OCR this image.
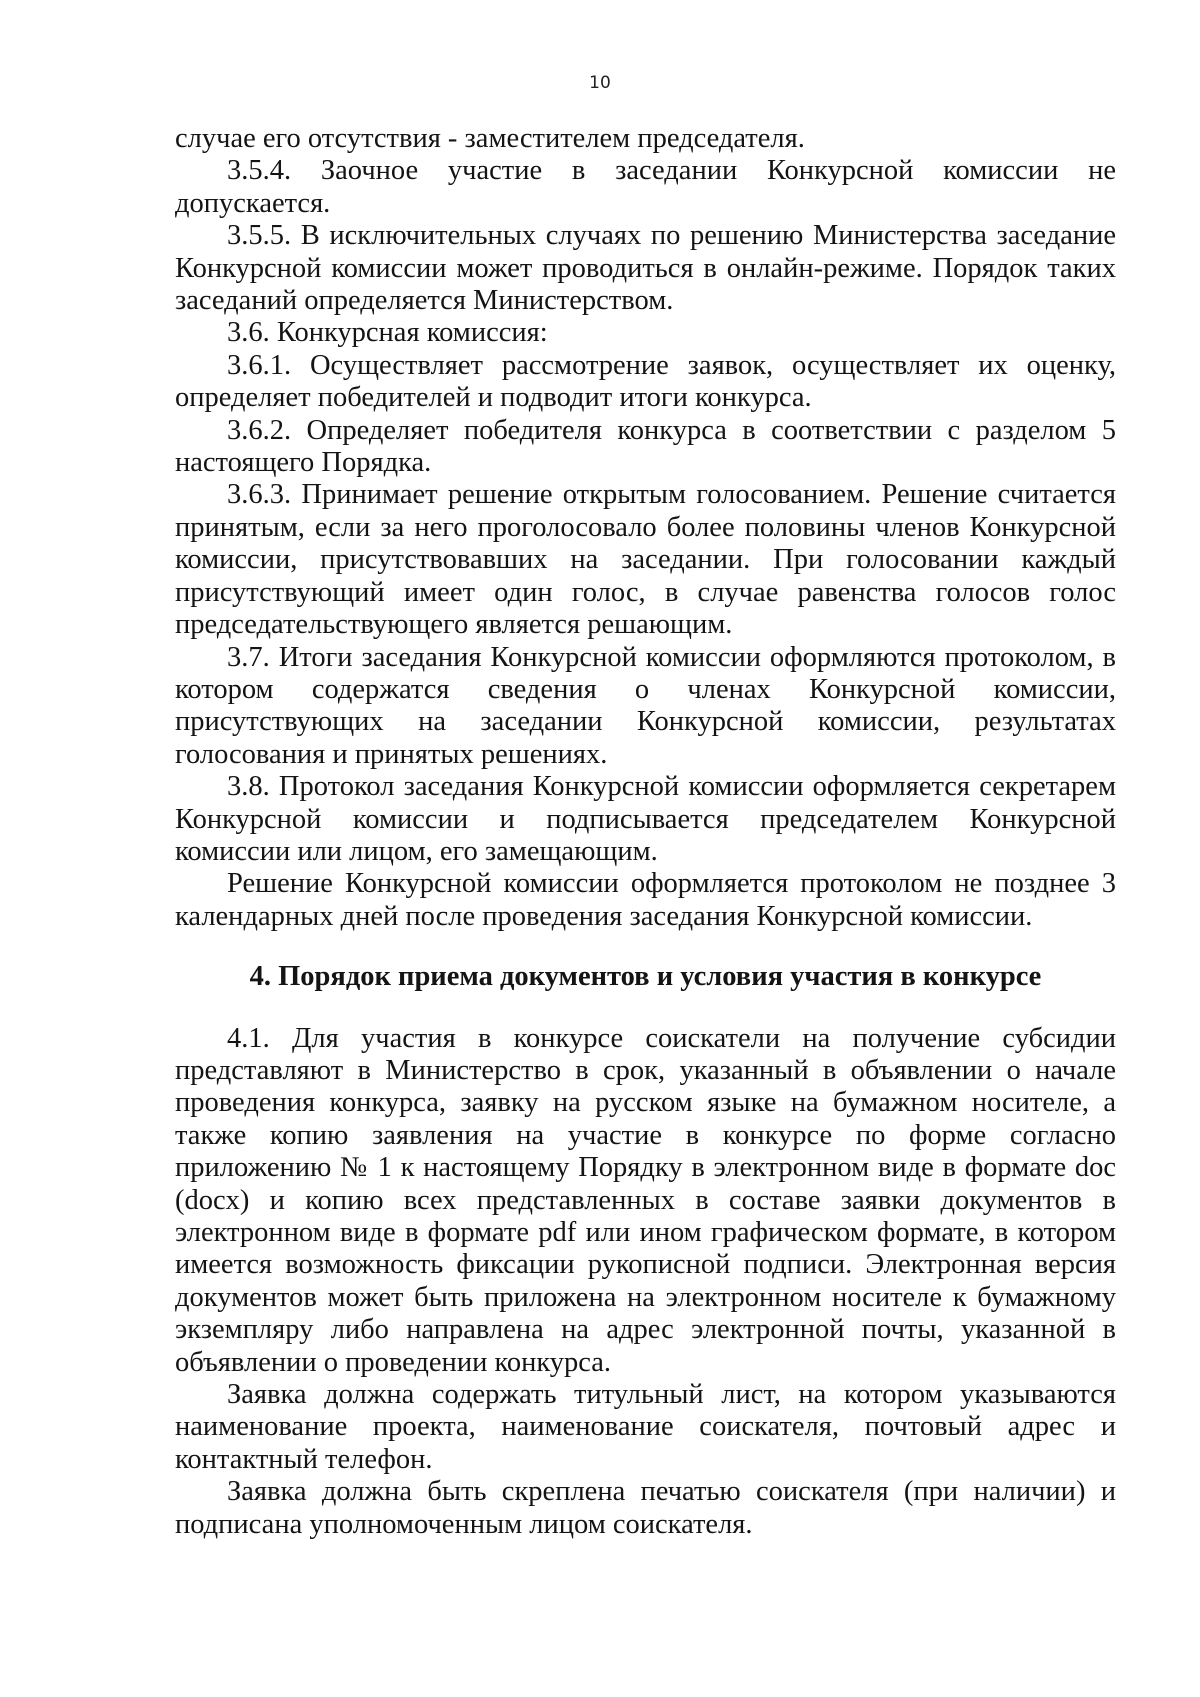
10

случае его отсутствия - заместителем председателя.

3.5.4. Заочное участие в заседании Конкурсной комиссии не допускается.

3.5.5. В исключительных случаях по решению Министерства заседание Конкурсной комиссии может проводиться в онлайн-режиме. Порядок таких заседаний определяется Министерством.

3.6. Конкурсная комиссия:

3.6.1. Осуществляет рассмотрение заявок, осуществляет их оценку, определяет победителей и подводит итоги конкурса.

3.6.2. Определяет победителя конкурса в соответствии с разделом 5 настоящего Порядка.

3.6.3. Принимает решение открытым голосованием. Решение считается принятым, если за него проголосовало более половины членов Конкурсной комиссии, присутствовавших на заседании. При голосовании каждый присутствующий имеет один голос, в случае равенства голосов голос председательствующего является решающим.

3.7. Итоги заседания Конкурсной комиссии оформляются протоколом, в котором содержатся сведения о членах Конкурсной комиссии, присутствующих на заседании Конкурсной комиссии, результатах голосования и принятых решениях.

3.8. Протокол заседания Конкурсной комиссии оформляется секретарем Конкурсной комиссии и подписывается председателем Конкурсной комиссии или лицом, его замещающим.

Решение Конкурсной комиссии оформляется протоколом не позднее 3 календарных дней после проведения заседания Конкурсной комиссии.

4. Порядок приема документов и условия участия в конкурсе

4.1. Для участия в конкурсе соискатели на получение субсидии представляют в Министерство в срок, указанный в объявлении о начале проведения конкурса, заявку на русском языке на бумажном носителе, а также копию заявления на участие в конкурсе по форме согласно приложению № 1 к настоящему Порядку в электронном виде в формате doc (docx) и копию всех представленных в составе заявки документов в электронном виде в формате pdf или ином графическом формате, в котором имеется возможность фиксации рукописной подписи. Электронная версия документов может быть приложена на электронном носителе к бумажному экземпляру либо направлена на адрес электронной почты, указанной в объявлении о проведении конкурса.

Заявка должна содержать титульный лист, на котором указываются наименование проекта, наименование соискателя, почтовый адрес и контактный телефон.

Заявка должна быть скреплена печатью соискателя (при наличии) и подписана уполномоченным лицом соискателя.
